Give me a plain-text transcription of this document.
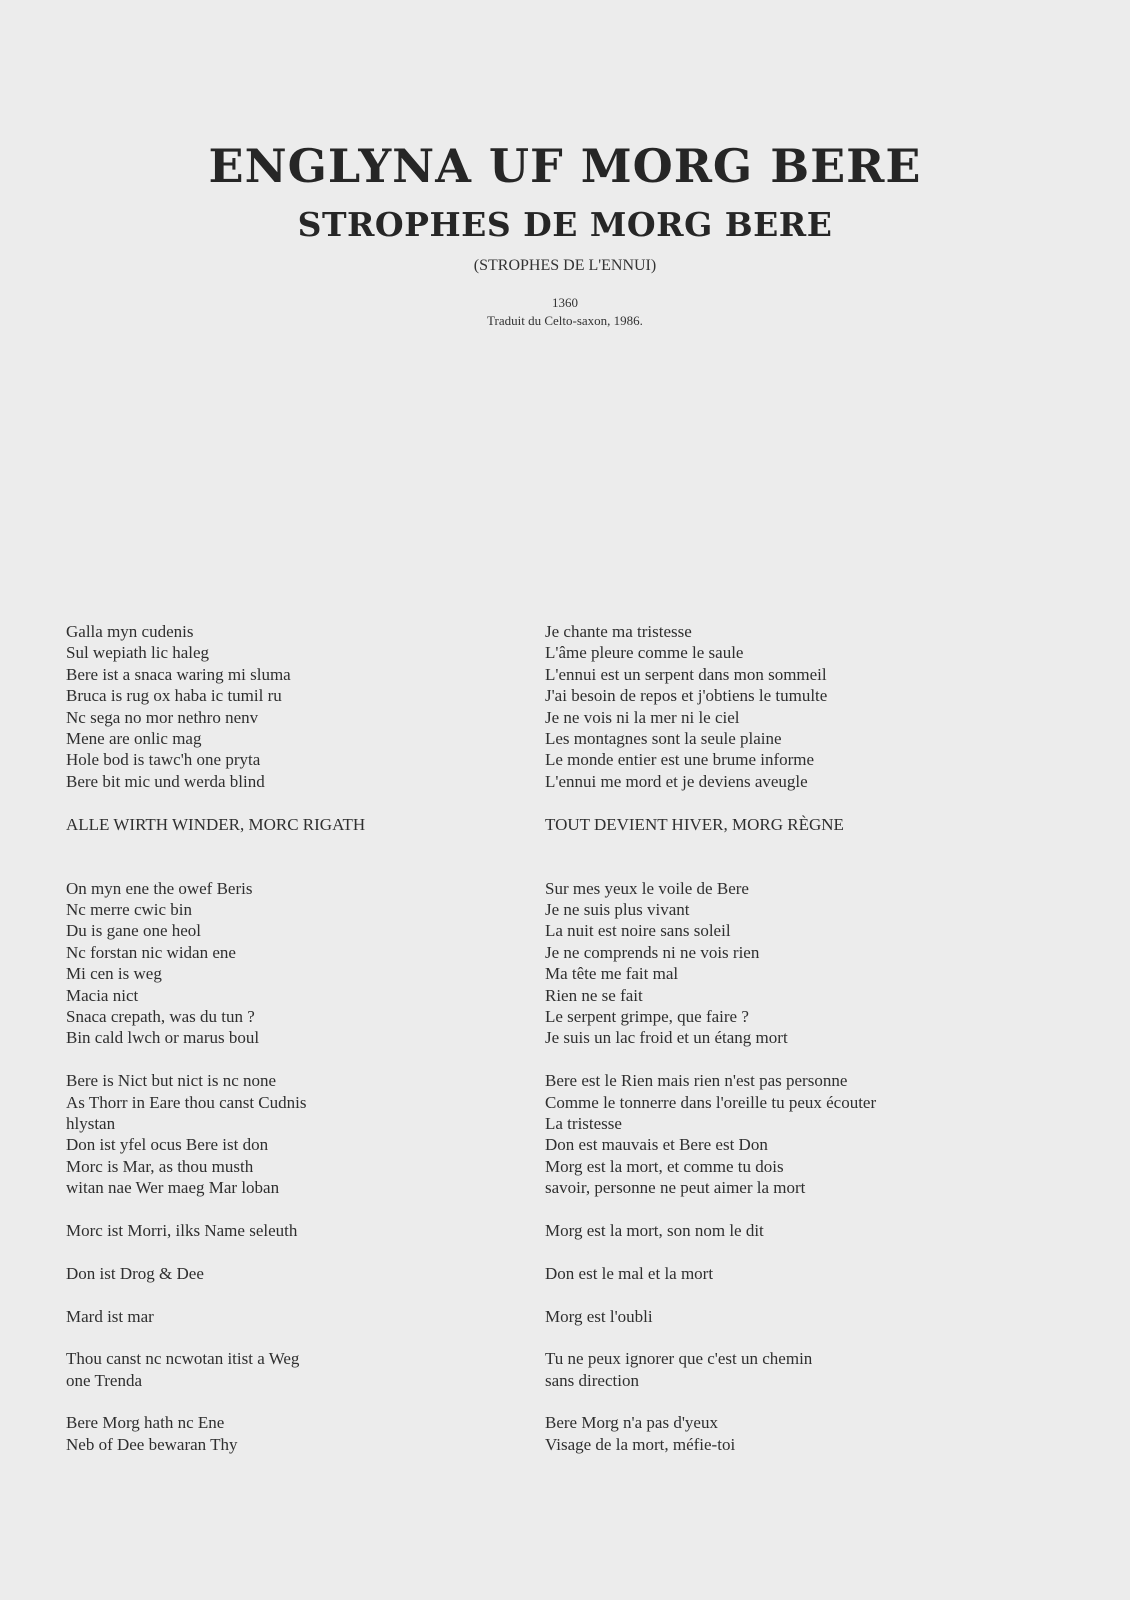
ENGLYNA UF MORG BERE
STROPHES DE MORG BERE
(STROPHES DE L'ENNUI)
1360
Traduit du Celto-saxon, 1986.
Galla myn cudenis
Sul wepiath lic haleg
Bere ist a snaca waring mi sluma
Bruca is rug ox haba ic tumil ru
Nc sega no mor nethro nenv
Mene are onlic mag
Hole bod is tawc'h one pryta
Bere bit mic und werda blind
ALLE WIRTH WINDER, MORC RIGATH
On myn ene the owef Beris
Nc merre cwic bin
Du is gane one heol
Nc forstan nic widan ene
Mi cen is weg
Macia nict
Snaca crepath, was du tun ?
Bin cald lwch or marus boul
Bere is Nict but nict is nc none
As Thorr in Eare thou canst Cudnis
hlystan
Don ist yfel ocus Bere ist don
Morc is Mar, as thou musth
witan nae Wer maeg Mar loban
Morc ist Morri, ilks Name seleuth
Don ist Drog & Dee
Mard ist mar
Thou canst nc ncwotan itist a Weg
one Trenda
Bere Morg hath nc Ene
Neb of Dee bewaran Thy
Je chante ma tristesse
L'âme pleure comme le saule
L'ennui est un serpent dans mon sommeil
J'ai besoin de repos et j'obtiens le tumulte
Je ne vois ni la mer ni le ciel
Les montagnes sont la seule plaine
Le monde entier est une brume informe
L'ennui me mord et je deviens aveugle
TOUT DEVIENT HIVER, MORG RÈGNE
Sur mes yeux le voile de Bere
Je ne suis plus vivant
La nuit est noire sans soleil
Je ne comprends ni ne vois rien
Ma tête me fait mal
Rien ne se fait
Le serpent grimpe, que faire ?
Je suis un lac froid et un étang mort
Bere est le Rien mais rien n'est pas personne
Comme le tonnerre dans l'oreille tu peux écouter
La tristesse
Don est mauvais et Bere est Don
Morg est la mort, et comme tu dois
savoir, personne ne peut aimer la mort
Morg est la mort, son nom le dit
Don est le mal et la mort
Morg est l'oubli
Tu ne peux ignorer que c'est un chemin
sans direction
Bere Morg n'a pas d'yeux
Visage de la mort, méfie-toi
